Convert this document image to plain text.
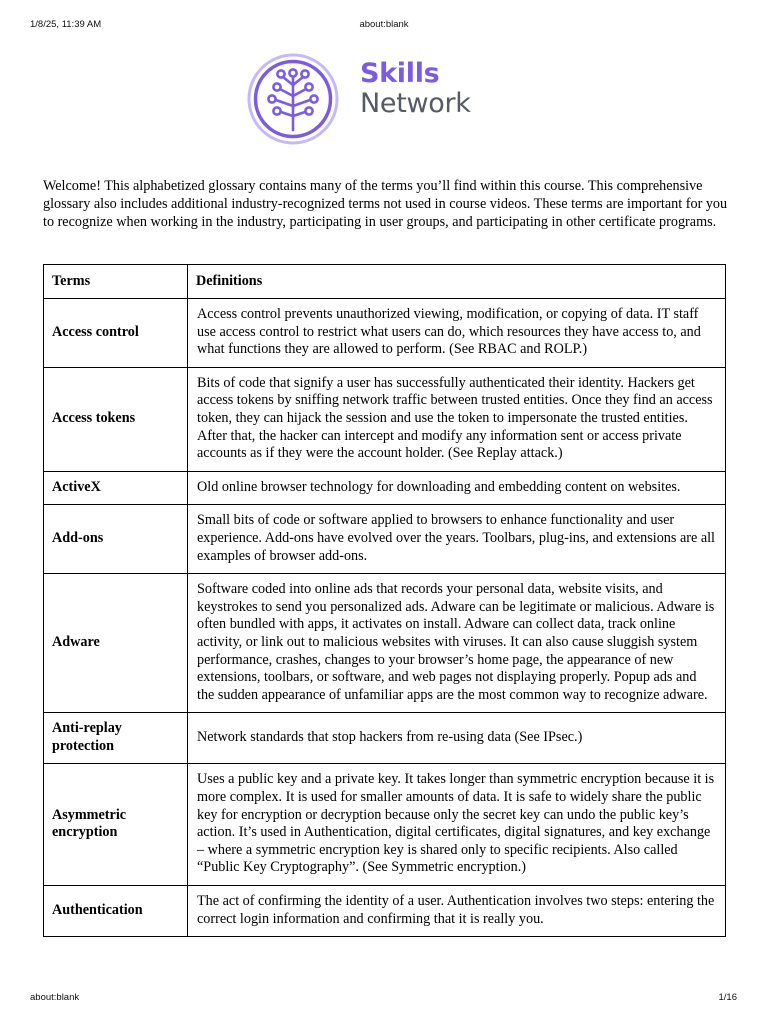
1/8/25, 11:39 AM	about:blank
Skills
Network

Welcome! This alphabetized glossary contains many of the terms you’ll find within this course. This comprehensive glossary also includes additional industry-recognized terms not used in course videos. These terms are important for you to recognize when working in the industry, participating in user groups, and participating in other certificate programs.

Terms	Definitions
Access control	Access control prevents unauthorized viewing, modification, or copying of data. IT staff use access control to restrict what users can do, which resources they have access to, and what functions they are allowed to perform. (See RBAC and ROLP.)
Access tokens	Bits of code that signify a user has successfully authenticated their identity. Hackers get access tokens by sniffing network traffic between trusted entities. Once they find an access token, they can hijack the session and use the token to impersonate the trusted entities. After that, the hacker can intercept and modify any information sent or access private accounts as if they were the account holder. (See Replay attack.)
ActiveX	Old online browser technology for downloading and embedding content on websites.
Add-ons	Small bits of code or software applied to browsers to enhance functionality and user experience. Add-ons have evolved over the years. Toolbars, plug-ins, and extensions are all examples of browser add-ons.
Adware	Software coded into online ads that records your personal data, website visits, and keystrokes to send you personalized ads. Adware can be legitimate or malicious. Adware is often bundled with apps, it activates on install. Adware can collect data, track online activity, or link out to malicious websites with viruses. It can also cause sluggish system performance, crashes, changes to your browser’s home page, the appearance of new extensions, toolbars, or software, and web pages not displaying properly. Popup ads and the sudden appearance of unfamiliar apps are the most common way to recognize adware.
Anti-replay protection	Network standards that stop hackers from re-using data (See IPsec.)
Asymmetric encryption	Uses a public key and a private key. It takes longer than symmetric encryption because it is more complex. It is used for smaller amounts of data. It is safe to widely share the public key for encryption or decryption because only the secret key can undo the public key’s action. It’s used in Authentication, digital certificates, digital signatures, and key exchange – where a symmetric encryption key is shared only to specific recipients. Also called “Public Key Cryptography”. (See Symmetric encryption.)
Authentication	The act of confirming the identity of a user. Authentication involves two steps: entering the correct login information and confirming that it is really you.
about:blank	1/16
